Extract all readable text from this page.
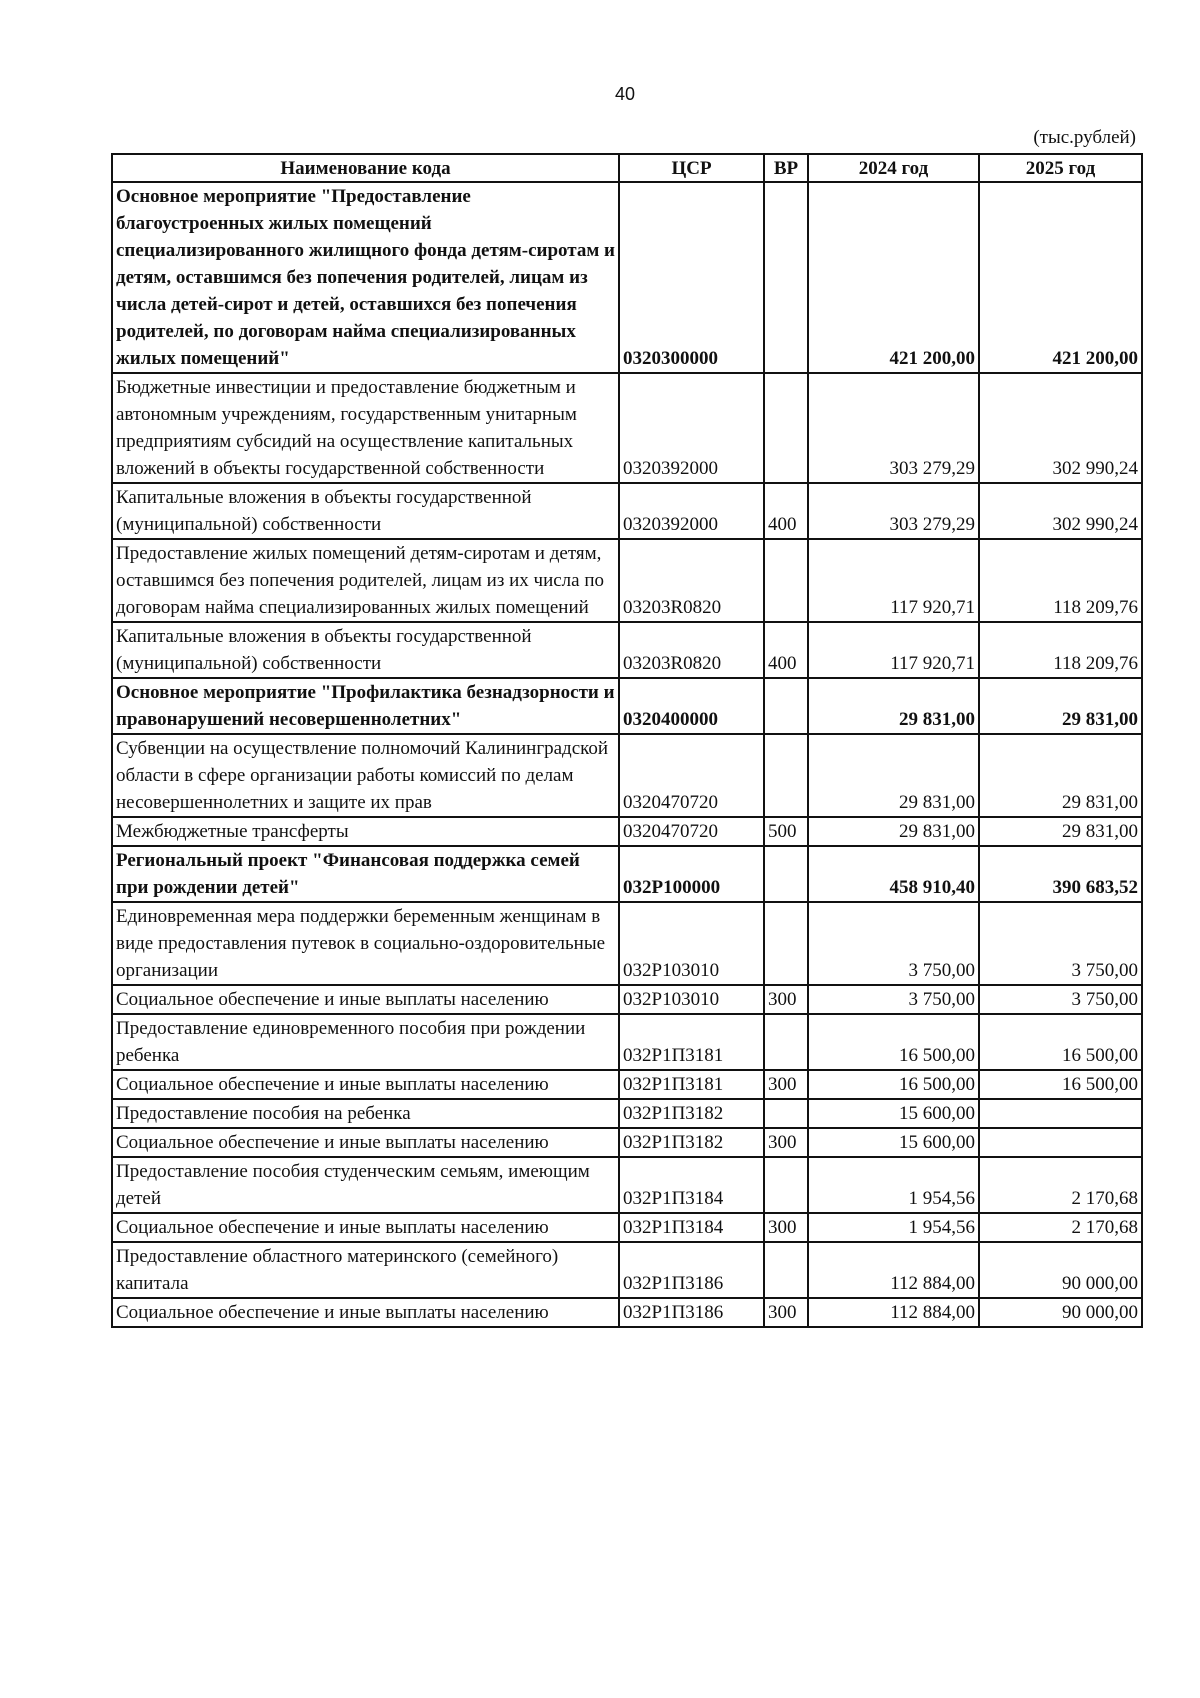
40
(тыс.рублей)
Наименование кода	ЦСР	ВР	2024 год	2025 год
Основное мероприятие "Предоставление благоустроенных жилых помещений специализированного жилищного фонда детям-сиротам и детям, оставшимся без попечения родителей, лицам из числа детей-сирот и детей, оставшихся без попечения родителей, по договорам найма специализированных жилых помещений"	0320300000		421 200,00	421 200,00
Бюджетные инвестиции и предоставление бюджетным и автономным учреждениям, государственным унитарным предприятиям субсидий на осуществление капитальных вложений в объекты государственной собственности	0320392000		303 279,29	302 990,24
Капитальные вложения в объекты государственной (муниципальной) собственности	0320392000	400	303 279,29	302 990,24
Предоставление жилых помещений детям-сиротам и детям, оставшимся без попечения родителей, лицам из их числа по договорам найма специализированных жилых помещений	03203R0820		117 920,71	118 209,76
Капитальные вложения в объекты государственной (муниципальной) собственности	03203R0820	400	117 920,71	118 209,76
Основное мероприятие "Профилактика безнадзорности и правонарушений несовершеннолетних"	0320400000		29 831,00	29 831,00
Субвенции на осуществление полномочий Калининградской области в сфере организации работы комиссий по делам несовершеннолетних и защите их прав	0320470720		29 831,00	29 831,00
Межбюджетные трансферты	0320470720	500	29 831,00	29 831,00
Региональный проект "Финансовая поддержка семей при рождении детей"	032P100000		458 910,40	390 683,52
Единовременная мера поддержки беременным женщинам в виде предоставления путевок в социально-оздоровительные организации	032P103010		3 750,00	3 750,00
Социальное обеспечение и иные выплаты населению	032P103010	300	3 750,00	3 750,00
Предоставление единовременного пособия при рождении ребенка	032Р1П3181		16 500,00	16 500,00
Социальное обеспечение и иные выплаты населению	032Р1П3181	300	16 500,00	16 500,00
Предоставление пособия на ребенка	032Р1П3182		15 600,00	
Социальное обеспечение и иные выплаты населению	032Р1П3182	300	15 600,00	
Предоставление пособия студенческим семьям, имеющим детей	032Р1П3184		1 954,56	2 170,68
Социальное обеспечение и иные выплаты населению	032Р1П3184	300	1 954,56	2 170,68
Предоставление областного материнского (семейного) капитала	032Р1П3186		112 884,00	90 000,00
Социальное обеспечение и иные выплаты населению	032Р1П3186	300	112 884,00	90 000,00
